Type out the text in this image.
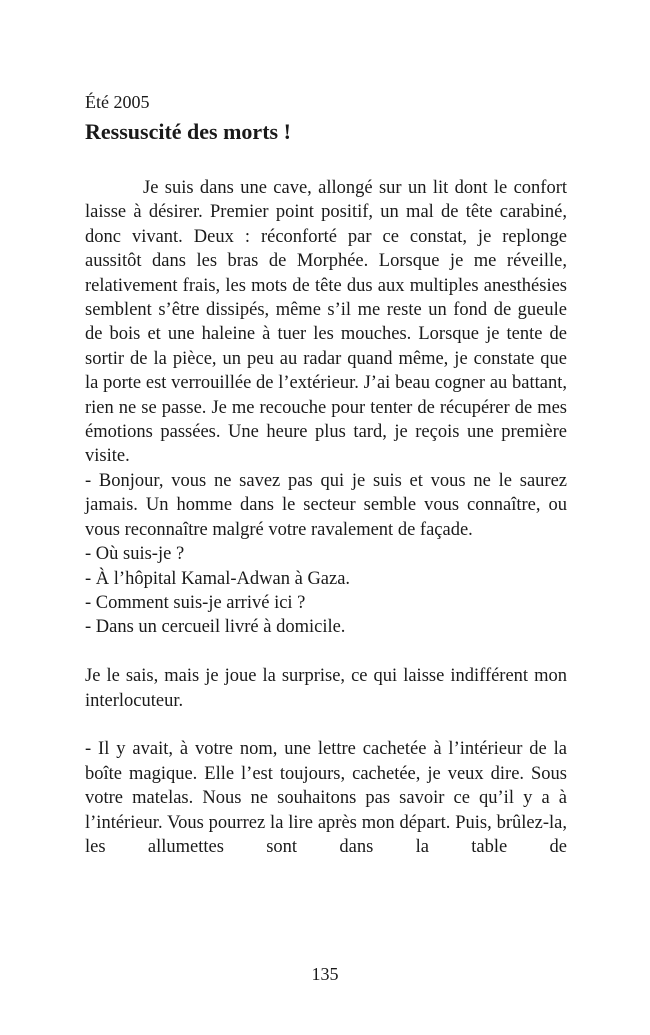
Été 2005

Ressuscité des morts !

Je suis dans une cave, allongé sur un lit dont le confort laisse à désirer. Premier point positif, un mal de tête carabiné, donc vivant. Deux : réconforté par ce constat, je replonge aussitôt dans les bras de Morphée. Lorsque je me réveille, relativement frais, les mots de tête dus aux multiples anesthésies semblent s’être dissipés, même s’il me reste un fond de gueule de bois et une haleine à tuer les mouches. Lorsque je tente de sortir de la pièce, un peu au radar quand même, je constate que la porte est verrouillée de l’extérieur. J’ai beau cogner au battant, rien ne se passe. Je me recouche pour tenter de récupérer de mes émotions passées. Une heure plus tard, je reçois une première visite.

- Bonjour, vous ne savez pas qui je suis et vous ne le saurez jamais. Un homme dans le secteur semble vous connaître, ou vous reconnaître malgré votre ravalement de façade.

- Où suis-je ?

- À l’hôpital Kamal-Adwan à Gaza.

- Comment suis-je arrivé ici ?

- Dans un cercueil livré à domicile.

Je le sais, mais je joue la surprise, ce qui laisse indifférent mon interlocuteur.

- Il y avait, à votre nom, une lettre cachetée à l’intérieur de la boîte magique. Elle l’est toujours, cachetée, je veux dire. Sous votre matelas. Nous ne souhaitons pas savoir ce qu’il y a à l’intérieur. Vous pourrez la lire après mon départ. Puis, brûlez-la, les allumettes sont dans la table de

135
